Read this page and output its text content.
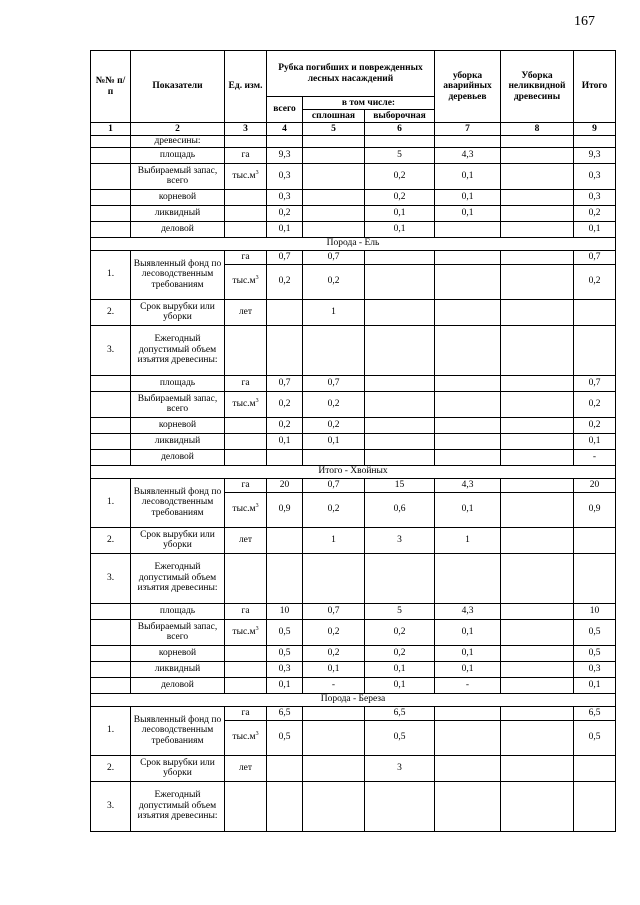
167
№№ п/п	Показатели	Ед. изм.	Рубка погибших и поврежденных лесных насаждений			уборка аварийных деревьев	Уборка неликвидной древесины	Итого
			всего	в том числе:				
				сплошная	выборочная			
1	2	3	4	5	6	7	8	9
	древесины:							
	площадь	га	9,3		5	4,3		9,3
	Выбираемый запас, всего	$тыс.м^3$	0,3		0,2	0,1		0,3
	корневой		0,3		0,2	0,1		0,3
	ликвидный		0,2		0,1	0,1		0,2
	деловой		0,1		0,1			0,1
Порода - Ель								
1.	Выявленный фонд по лесоводственным требованиям	га	0,7	0,7				0,7
		$тыс.м^3$	0,2	0,2				0,2
2.	Срок вырубки или уборки	лет		1				
3.	Ежегодный допустимый объем изъятия древесины:							
	площадь	га	0,7	0,7				0,7
	Выбираемый запас, всего	$тыс.м^3$	0,2	0,2				0,2
	корневой		0,2	0,2				0,2
	ликвидный		0,1	0,1				0,1
	деловой							-
Итого - Хвойных								
1.	Выявленный фонд по лесоводственным требованиям	га	20	0,7	15	4,3		20
		$тыс.м^3$	0,9	0,2	0,6	0,1		0,9
2.	Срок вырубки или уборки	лет		1	3	1		
3.	Ежегодный допустимый объем изъятия древесины:							
	площадь	га	10	0,7	5	4,3		10
	Выбираемый запас, всего	$тыс.м^3$	0,5	0,2	0,2	0,1		0,5
	корневой		0,5	0,2	0,2	0,1		0,5
	ликвидный		0,3	0,1	0,1	0,1		0,3
	деловой		0,1	-	0,1	-		0,1
Порода - Береза								
1.	Выявленный фонд по лесоводственным требованиям	га	6,5		6,5			6,5
		$тыс.м^3$	0,5		0,5			0,5
2.	Срок вырубки или уборки	лет			3			
3.	Ежегодный допустимый объем изъятия древесины:							
